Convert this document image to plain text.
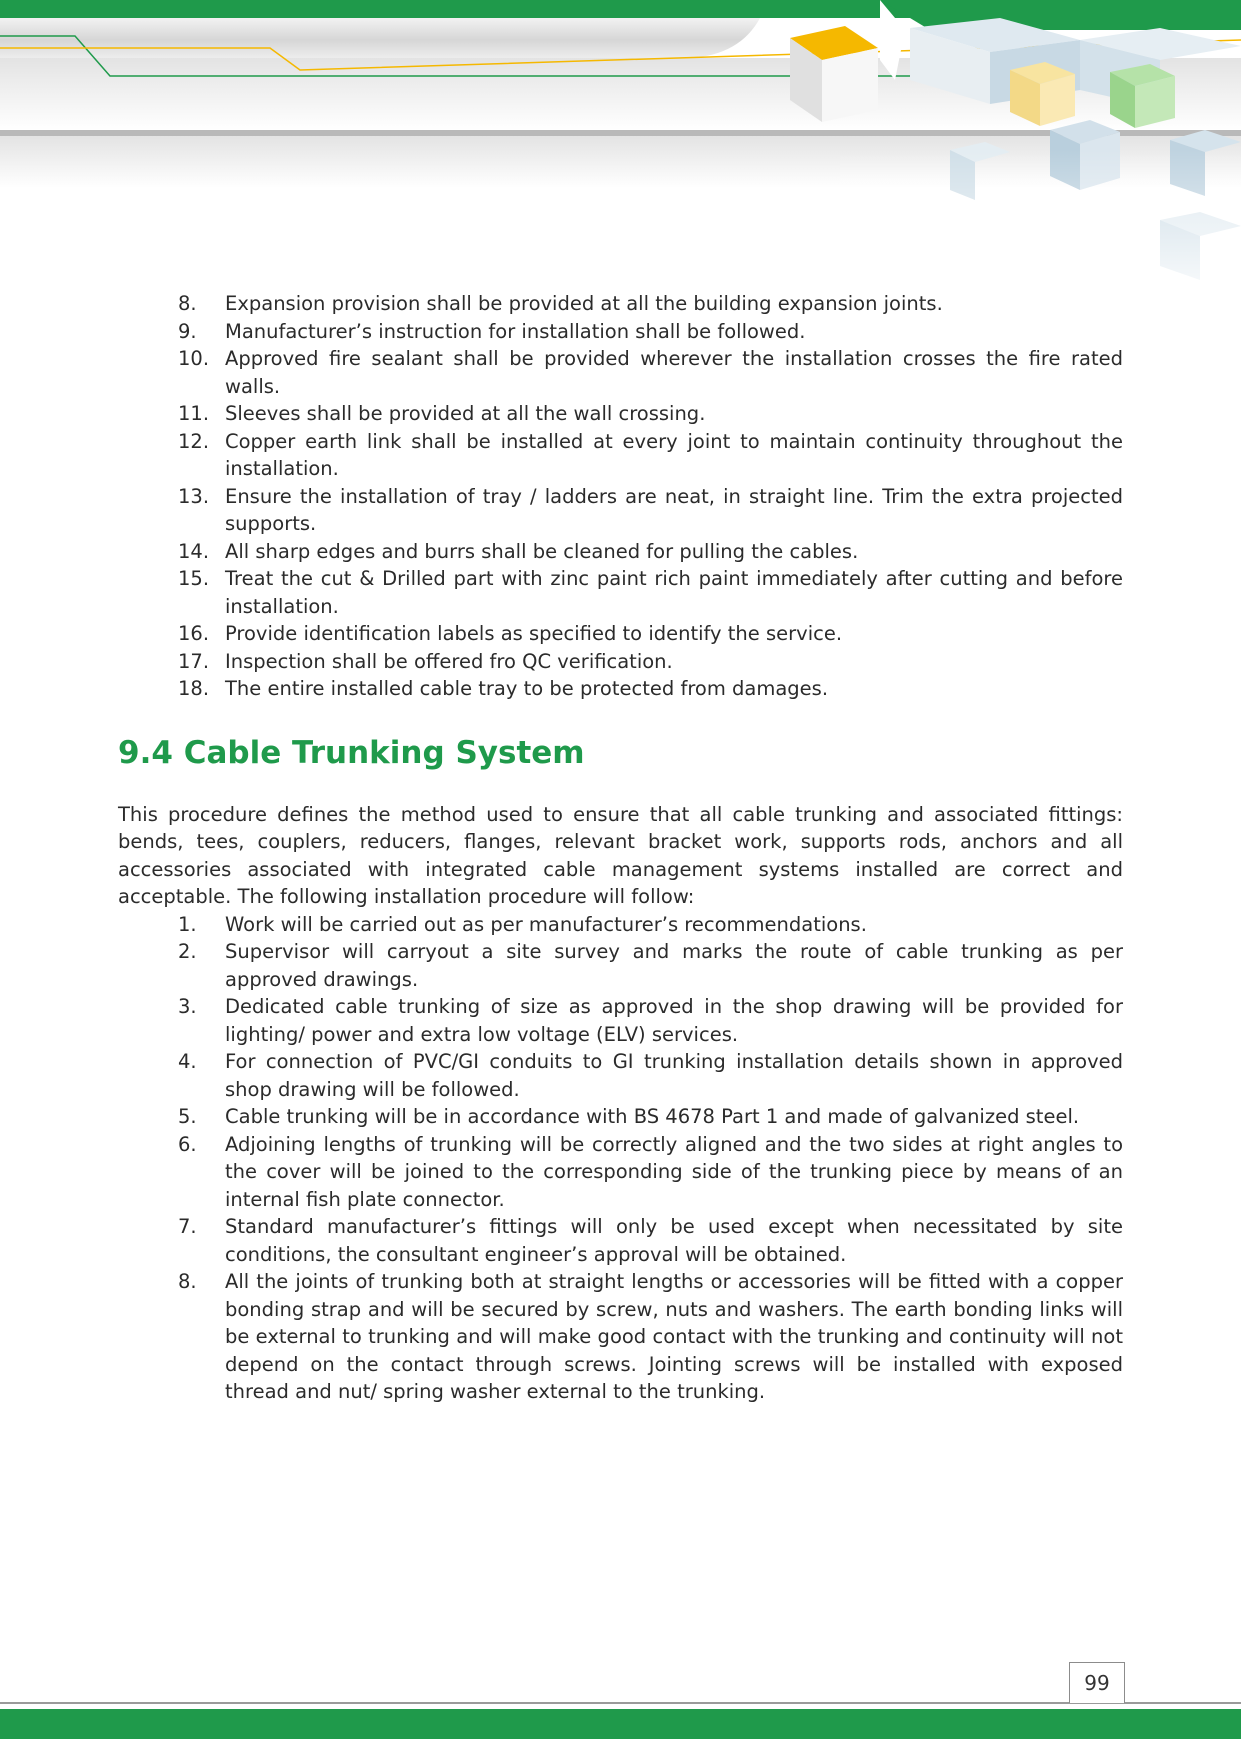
8.	Expansion provision shall be provided at all the building expansion joints.
9.	Manufacturer’s instruction for installation shall be followed.
10. Approved fire sealant shall be provided wherever the installation crosses the fire rated walls.
11. Sleeves shall be provided at all the wall crossing.
12. Copper earth link shall be installed at every joint to maintain continuity throughout the installation.
13. Ensure the installation of tray / ladders are neat, in straight line. Trim the extra projected supports.
14. All sharp edges and burrs shall be cleaned for pulling the cables.
15. Treat the cut & Drilled part with zinc paint rich paint immediately after cutting and before installation.
16. Provide identification labels as specified to identify the service.
17. Inspection shall be offered fro QC verification.
18. The entire installed cable tray to be protected from damages.
9.4 Cable Trunking System

This procedure defines the method used to ensure that all cable trunking and associated fittings: bends, tees, couplers, reducers, flanges, relevant bracket work, supports rods, anchors and all accessories associated with integrated cable management systems installed are correct and acceptable. The following installation procedure will follow:

1.	Work will be carried out as per manufacturer’s recommendations.
2.	Supervisor will carryout a site survey and marks the route of cable trunking as per approved drawings.
3.	Dedicated cable trunking of size as approved in the shop drawing will be provided for lighting/ power and extra low voltage (ELV) services.
4.	For connection of PVC/GI conduits to GI trunking installation details shown in approved shop drawing will be followed.
5.	Cable trunking will be in accordance with BS 4678 Part 1 and made of galvanized steel.
6.	Adjoining lengths of trunking will be correctly aligned and the two sides at right angles to the cover will be joined to the corresponding side of the trunking piece by means of an internal fish plate connector.
7.	Standard manufacturer’s fittings will only be used except when necessitated by site conditions, the consultant engineer’s approval will be obtained.
8.	All the joints of trunking both at straight lengths or accessories will be fitted with a copper bonding strap and will be secured by screw, nuts and washers. The earth bonding links will be external to trunking and will make good contact with the trunking and continuity will not depend on the contact through screws. Jointing screws will be installed with exposed thread and nut/ spring washer external to the trunking.
99
